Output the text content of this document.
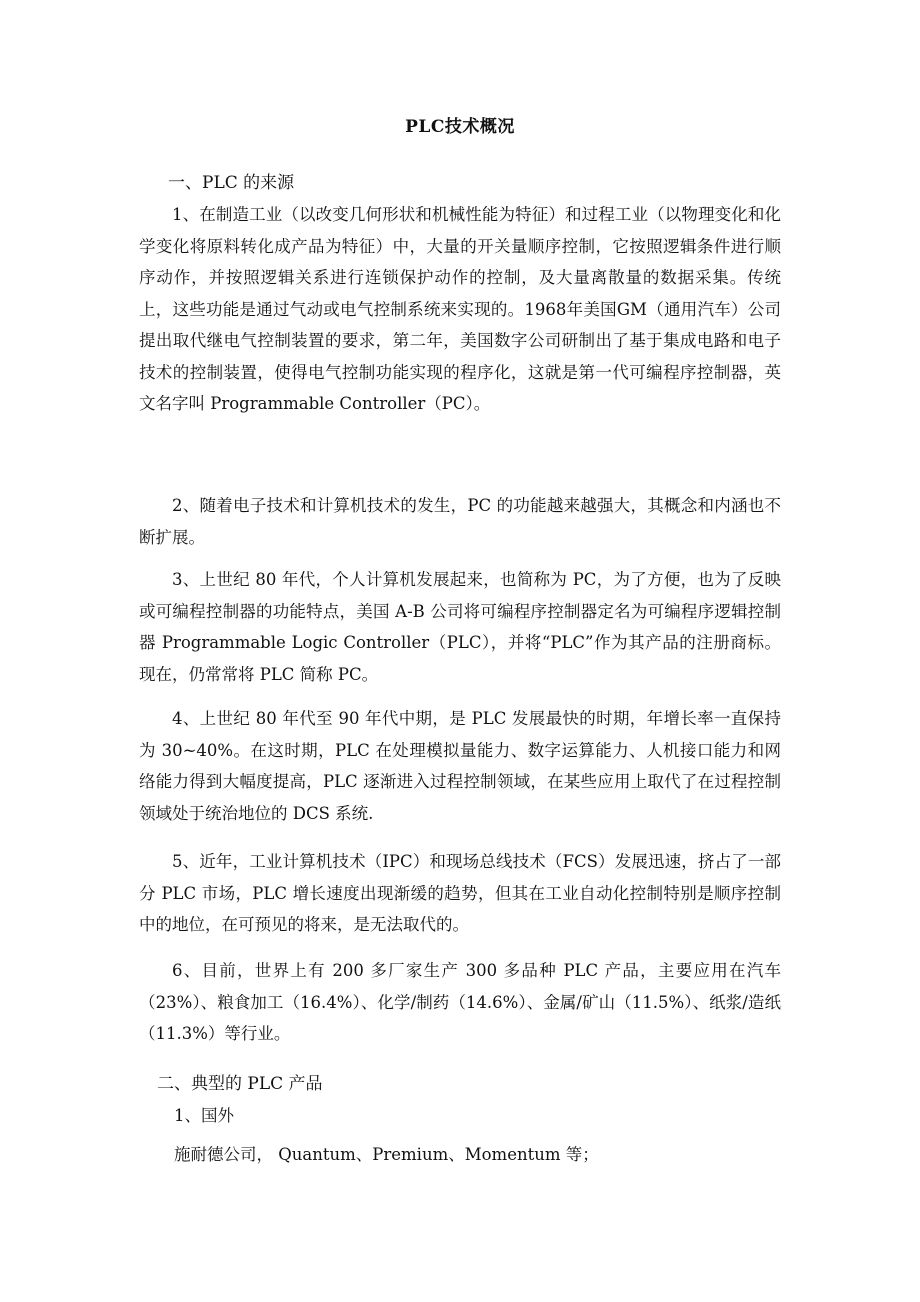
PLC技术概况
一、PLC 的来源
1、在制造工业（以改变几何形状和机械性能为特征）和过程工业（以物理变化和化学变化将原料转化成产品为特征）中，大量的开关量顺序控制，它按照逻辑条件进行顺序动作，并按照逻辑关系进行连锁保护动作的控制，及大量离散量的数据采集。传统上，这些功能是通过气动或电气控制系统来实现的。1968年美国GM（通用汽车）公司提出取代继电气控制装置的要求，第二年，美国数字公司研制出了基于集成电路和电子技术的控制装置，使得电气控制功能实现的程序化，这就是第一代可编程序控制器，英文名字叫 Programmable Controller（PC）。
2、随着电子技术和计算机技术的发生，PC 的功能越来越强大，其概念和内涵也不断扩展。
3、上世纪 80 年代，个人计算机发展起来，也简称为 PC，为了方便，也为了反映或可编程控制器的功能特点，美国 A-B 公司将可编程序控制器定名为可编程序逻辑控制器 Programmable Logic Controller（PLC），并将“PLC”作为其产品的注册商标。现在，仍常常将 PLC 简称 PC。
4、上世纪 80 年代至 90 年代中期，是 PLC 发展最快的时期，年增长率一直保持为 30~40%。在这时期，PLC 在处理模拟量能力、数字运算能力、人机接口能力和网络能力得到大幅度提高，PLC 逐渐进入过程控制领域，在某些应用上取代了在过程控制领域处于统治地位的 DCS 系统.
5、近年，工业计算机技术（IPC）和现场总线技术（FCS）发展迅速，挤占了一部分 PLC 市场，PLC 增长速度出现渐缓的趋势，但其在工业自动化控制特别是顺序控制中的地位，在可预见的将来，是无法取代的。
6、目前，世界上有 200 多厂家生产 300 多品种 PLC 产品，主要应用在汽车（23%）、粮食加工（16.4%）、化学/制药（14.6%）、金属/矿山（11.5%）、纸浆/造纸（11.3%）等行业。
二、典型的 PLC 产品
1、国外
施耐德公司， Quantum、Premium、Momentum 等；
